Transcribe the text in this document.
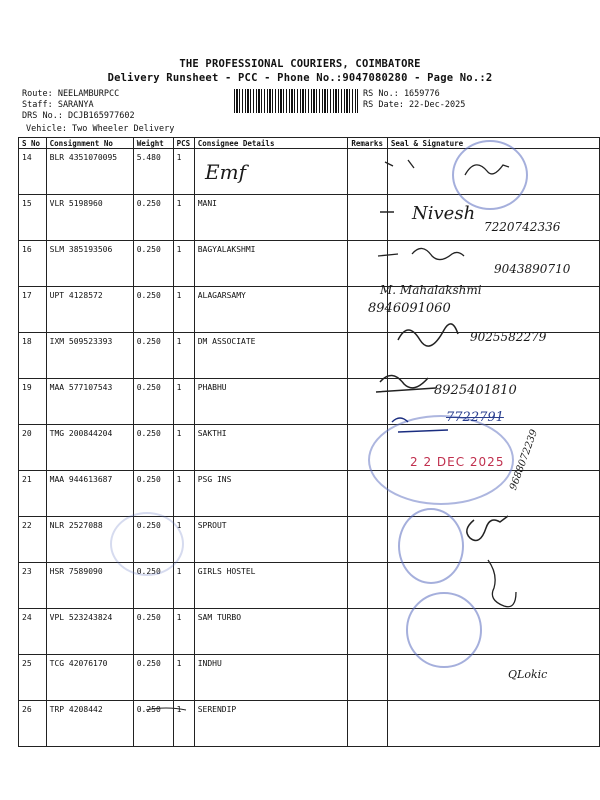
THE PROFESSIONAL COURIERS, COIMBATORE
Delivery Runsheet - PCC - Phone No.:9047080280 - Page No.:2
Route: NEELAMBURPCC
Staff: SARANYA
DRS No.: DCJB165977602
Vehicle: Two Wheeler Delivery
RS No.: 1659776
RS Date: 22-Dec-2025
S No	Consignment No	Weight	PCS	Consignee Details	Remarks	Seal & Signature
14	BLR 4351070095	5.480	1			
15	VLR 5198960	0.250	1	MANI		
16	SLM 385193506	0.250	1	BAGYALAKSHMI		
17	UPT 4128572	0.250	1	ALAGARSAMY		
18	IXM 509523393	0.250	1	DM ASSOCIATE		
19	MAA 577107543	0.250	1	PHABHU		
20	TMG 200844204	0.250	1	SAKTHI		
21	MAA 944613687	0.250	1	PSG INS		
22	NLR 2527088	0.250	1	SPROUT		
23	HSR 7589090	0.250	1	GIRLS HOSTEL		
24	VPL 523243824	0.250	1	SAM TURBO		
25	TCG 42076170	0.250	1	INDHU		
26	TRP 4208442	0.250	1	SERENDIP		
2 2 DEC 2025
Emf
Nivesh
7220742336
9043890710
M. Mahalakshmi
8946091060
9025582279
8925401810
7722791
9688072239
QLokic
